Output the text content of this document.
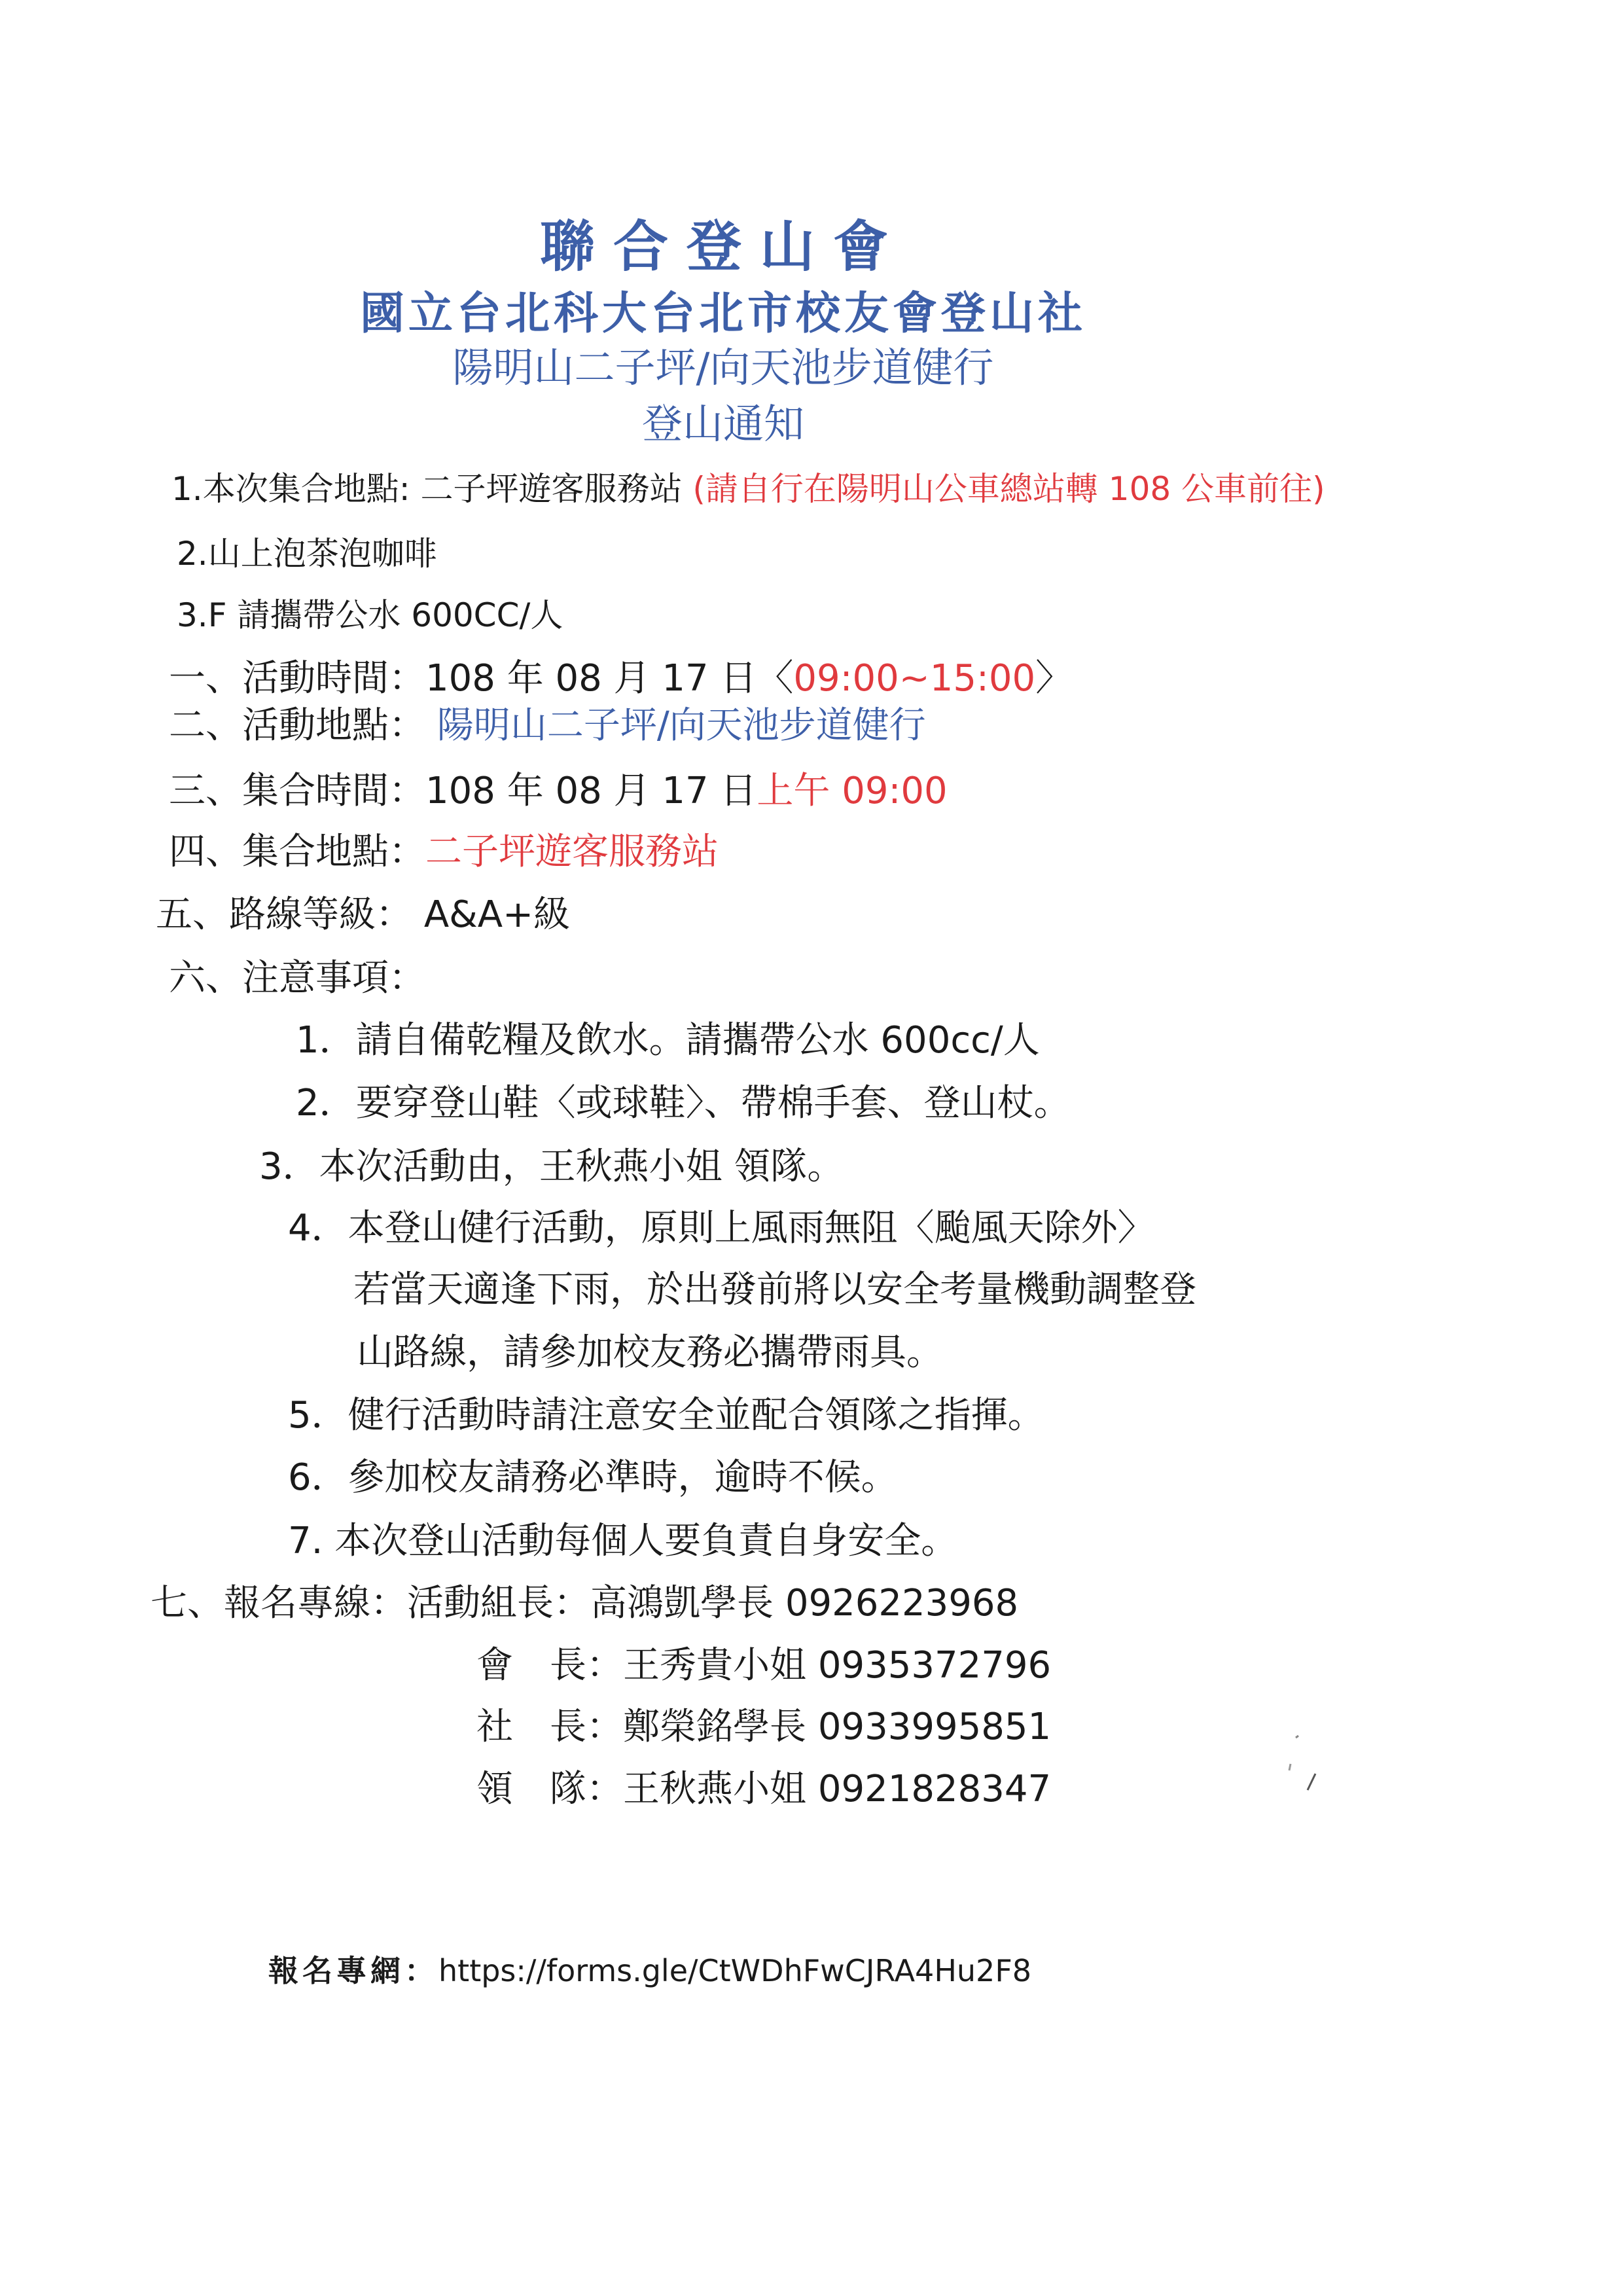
聯合登山會
國立台北科大台北市校友會登山社
陽明山二子坪/向天池步道健行
登山通知
1.本次集合地點: 二子坪遊客服務站 (請自行在陽明山公車總站轉 108 公車前往)
2.山上泡茶泡咖啡
3.F 請攜帶公水 600CC/人
一、活動時間：108 年 08 月 17 日〈09:00~15:00〉
二、活動地點： 陽明山二子坪/向天池步道健行
三、集合時間：108 年 08 月 17 日上午 09:00
四、集合地點：二子坪遊客服務站
五、路線等級： A&A+級
六、注意事項：
1．請自備乾糧及飲水。請攜帶公水 600cc/人
2．要穿登山鞋〈或球鞋〉、帶棉手套、登山杖。
3．本次活動由，王秋燕小姐 領隊。
4．本登山健行活動，原則上風雨無阻〈颱風天除外〉
若當天適逢下雨，於出發前將以安全考量機動調整登
山路線，請參加校友務必攜帶雨具。
5．健行活動時請注意安全並配合領隊之指揮。
6．參加校友請務必準時，逾時不候。
7. 本次登山活動每個人要負責自身安全。
七、報名專線：活動組長：高鴻凱學長 0926223968
會　長：王秀貴小姐 0935372796
社　長：鄭榮銘學長 0933995851
領　隊：王秋燕小姐 0921828347
報名專網：https://forms.gle/CtWDhFwCJRA4Hu2F8
